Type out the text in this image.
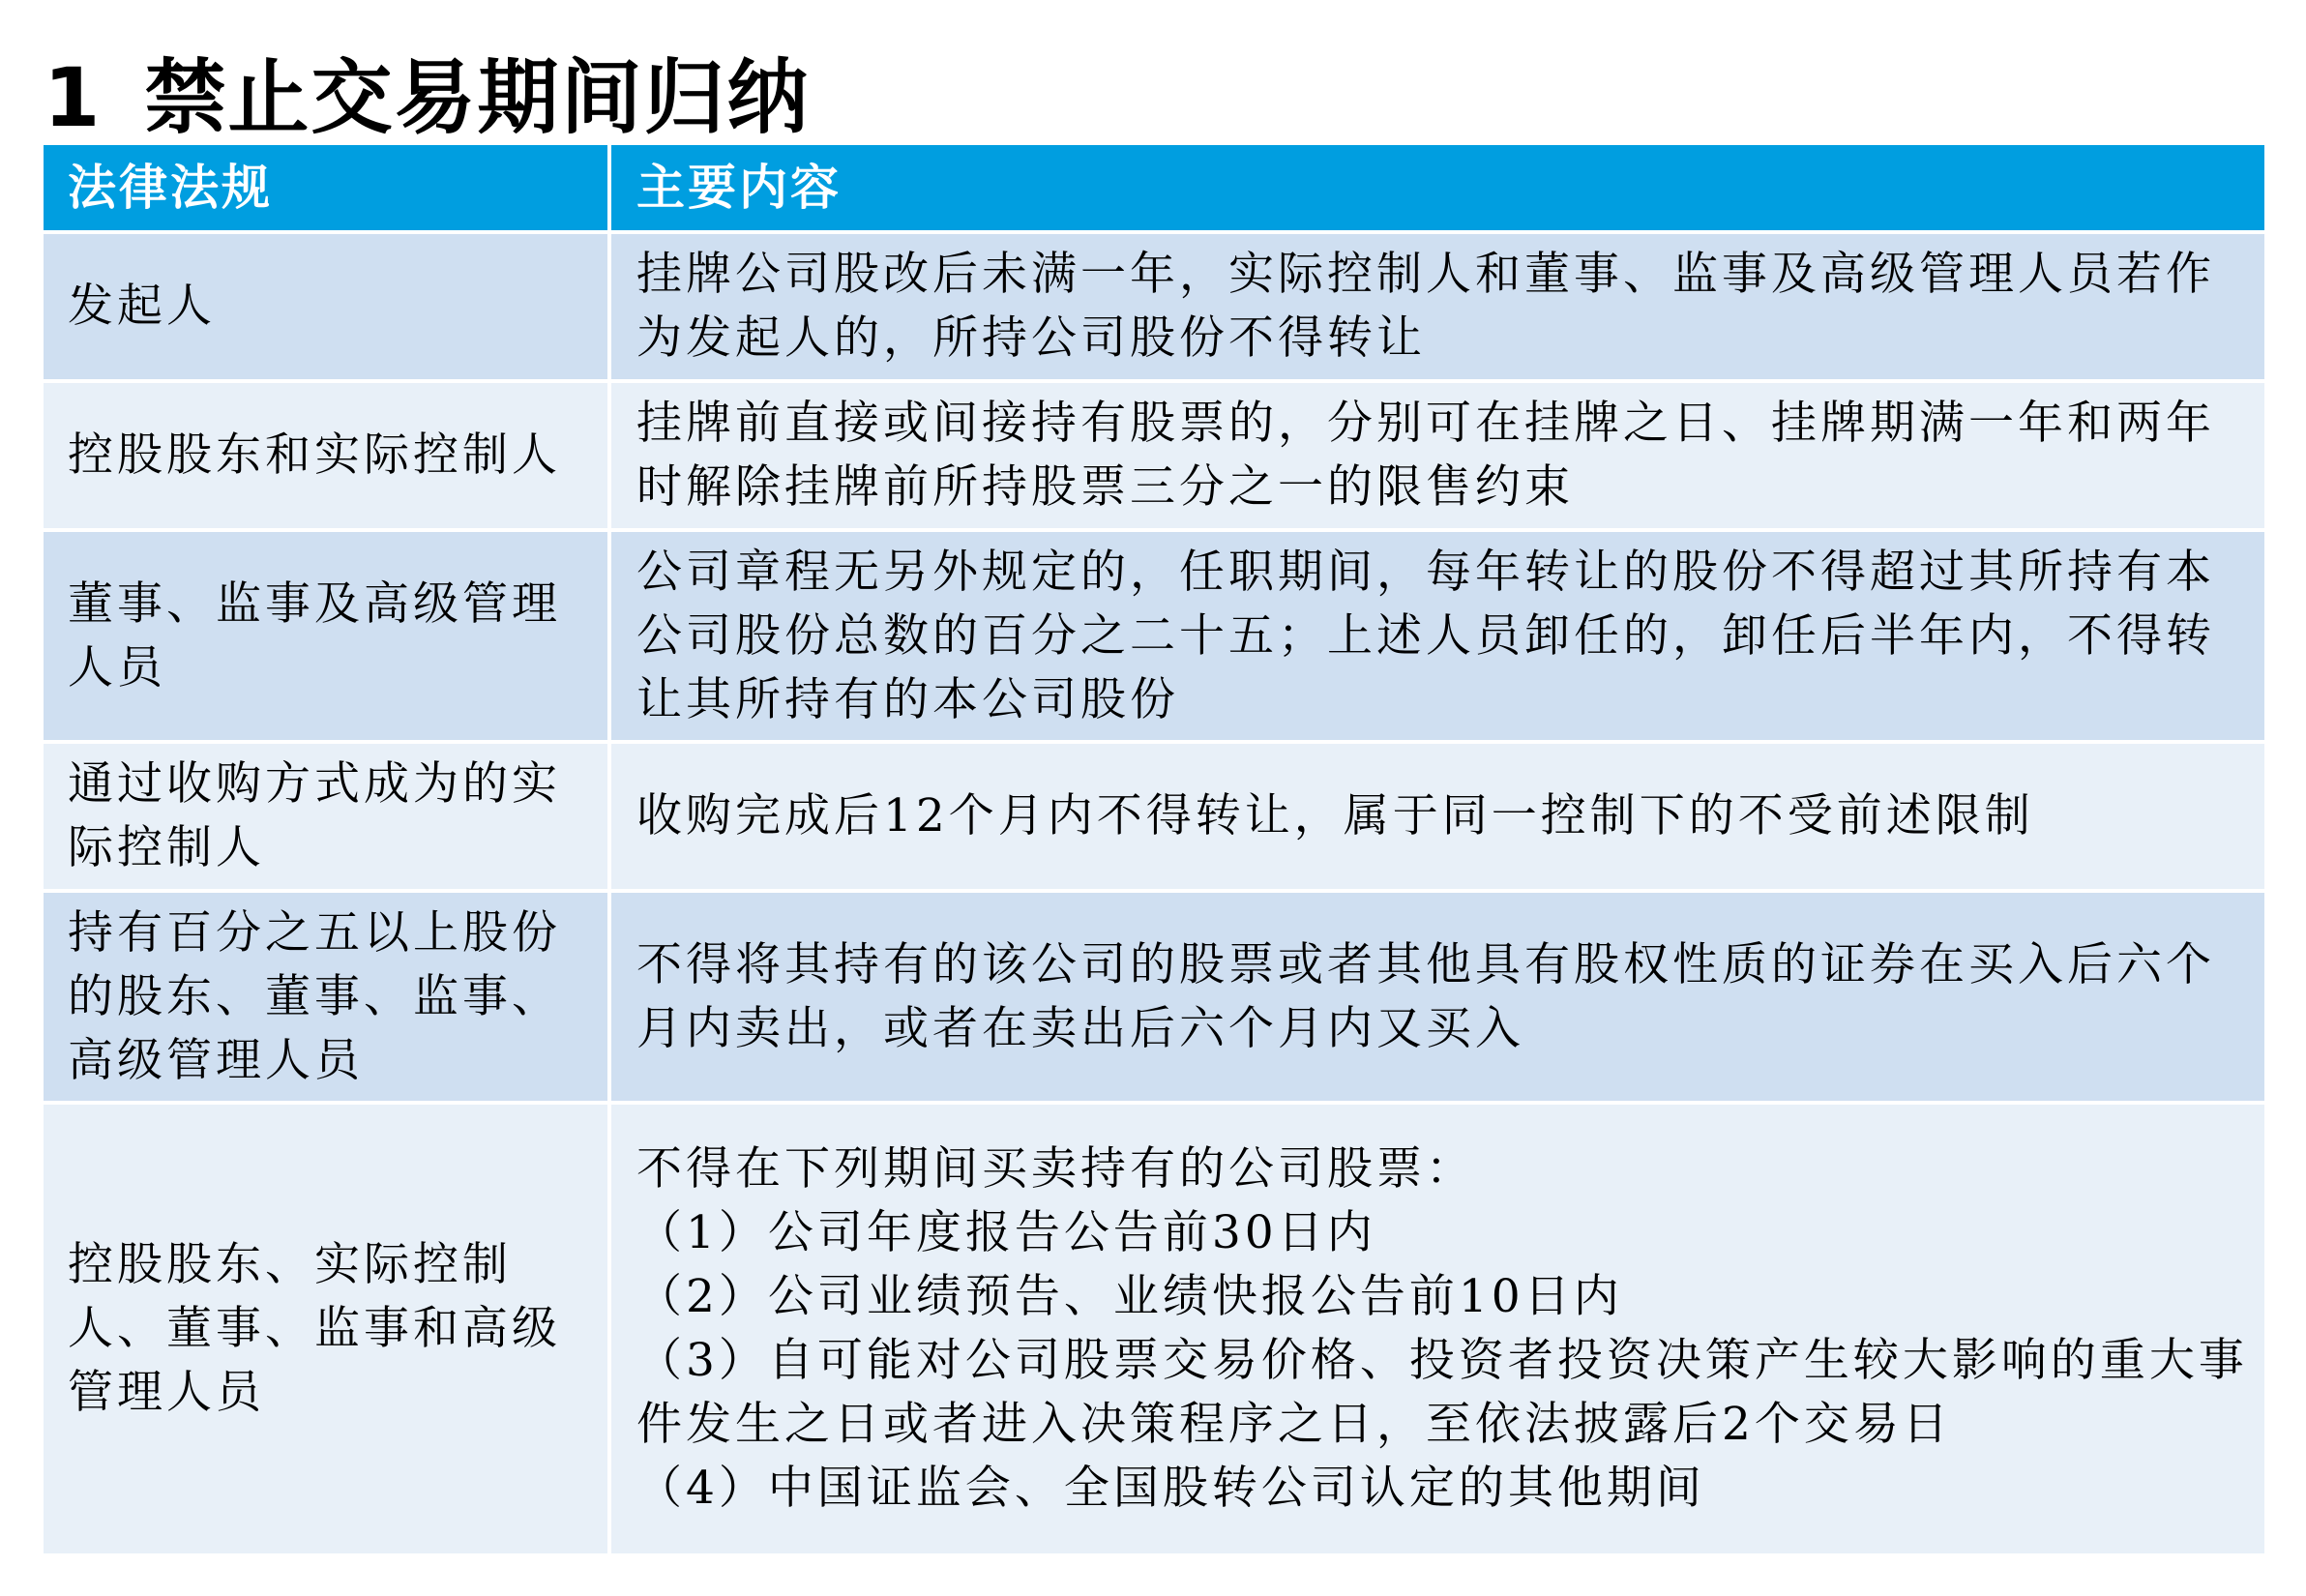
1 禁止交易期间归纳
法律法规	主要内容
发起人
挂牌公司股改后未满一年，实际控制人和董事、监事及高级管理人员若作为发起人的，所持公司股份不得转让
控股股东和实际控制人
挂牌前直接或间接持有股票的，分别可在挂牌之日、挂牌期满一年和两年时解除挂牌前所持股票三分之一的限售约束
董事、监事及高级管理人员
公司章程无另外规定的，任职期间，每年转让的股份不得超过其所持有本公司股份总数的百分之二十五；上述人员卸任的，卸任后半年内，不得转让其所持有的本公司股份
通过收购方式成为的实际控制人
收购完成后12个月内不得转让，属于同一控制下的不受前述限制
持有百分之五以上股份的股东、董事、监事、高级管理人员
不得将其持有的该公司的股票或者其他具有股权性质的证券在买入后六个月内卖出，或者在卖出后六个月内又买入
控股股东、实际控制人、董事、监事和高级管理人员
不得在下列期间买卖持有的公司股票：
（1）公司年度报告公告前30日内
（2）公司业绩预告、业绩快报公告前10日内
（3）自可能对公司股票交易价格、投资者投资决策产生较大影响的重大事件发生之日或者进入决策程序之日，至依法披露后2个交易日
（4）中国证监会、全国股转公司认定的其他期间
